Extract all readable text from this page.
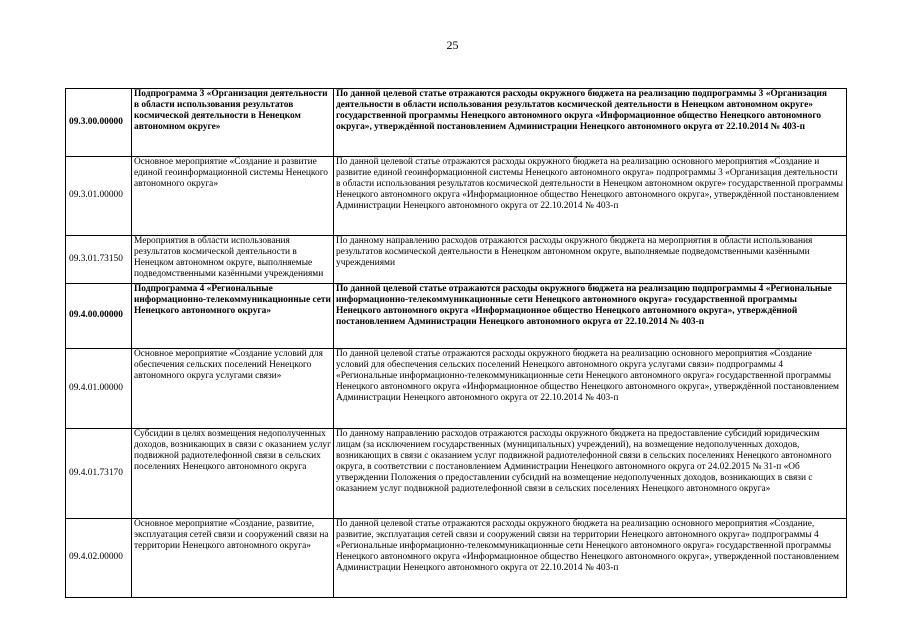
25
09.3.00.00000	Подпрограмма 3 «Организация деятельности в области использования результатов космической деятельности в Ненецком автономном округе»	По данной целевой статье отражаются расходы окружного бюджета на реализацию подпрограммы 3 «Организация деятельности в области использования результатов космической деятельности в Ненецком автономном округе» государственной программы Ненецкого автономного округа «Информационное общество Ненецкого автономного округа», утверждённой постановлением Администрации Ненецкого автономного округа от 22.10.2014 № 403-п
09.3.01.00000	Основное мероприятие «Создание и развитие единой геоинформационной системы Ненецкого автономного округа»	По данной целевой статье отражаются расходы окружного бюджета на реализацию основного мероприятия «Создание и развитие единой геоинформационной системы Ненецкого автономного округа» подпрограммы 3 «Организация деятельности в области использования результатов космической деятельности в Ненецком автономном округе» государственной программы Ненецкого автономного округа «Информационное общество Ненецкого автономного округа», утверждённой постановлением Администрации Ненецкого автономного округа от 22.10.2014 № 403-п
09.3.01.73150	Мероприятия в области использования результатов космической деятельности в Ненецком автономном округе, выполняемые подведомственными казёнными учреждениями	По данному направлению расходов отражаются расходы окружного бюджета на мероприятия в области использования результатов космической деятельности в Ненецком автономном округе, выполняемые подведомственными казёнными учреждениями
09.4.00.00000	Подпрограмма 4 «Региональные информационно-телекоммуникационные сети Ненецкого автономного округа»	По данной целевой статье отражаются расходы окружного бюджета на реализацию подпрограммы 4 «Региональные информационно-телекоммуникационные сети Ненецкого автономного округа» государственной программы Ненецкого автономного округа «Информационное общество Ненецкого автономного округа», утверждённой постановлением Администрации Ненецкого автономного округа от 22.10.2014 № 403-п
09.4.01.00000	Основное мероприятие «Создание условий для обеспечения сельских поселений Ненецкого автономного округа услугами связи»	По данной целевой статье отражаются расходы окружного бюджета на реализацию основного мероприятия «Создание условий для обеспечения сельских поселений Ненецкого автономного округа услугами связи» подпрограммы 4 «Региональные информационно-телекоммуникационные сети Ненецкого автономного округа» государственной программы Ненецкого автономного округа «Информационное общество Ненецкого автономного округа», утверждённой постановлением Администрации Ненецкого автономного округа от 22.10.2014 № 403-п
09.4.01.73170	Субсидии в целях возмещения недополученных доходов, возникающих в связи с оказанием услуг подвижной радиотелефонной связи в сельских поселениях Ненецкого автономного округа	По данному направлению расходов отражаются расходы окружного бюджета на предоставление субсидий юридическим лицам (за исключением государственных (муниципальных) учреждений), на возмещение недополученных доходов, возникающих в связи с оказанием услуг подвижной радиотелефонной связи в сельских поселениях Ненецкого автономного округа, в соответствии с постановлением Администрации Ненецкого автономного округа от 24.02.2015 № 31-п «Об утверждении Положения о предоставлении субсидий на возмещение недополученных доходов, возникающих в связи с оказанием услуг подвижной радиотелефонной связи в сельских поселениях Ненецкого автономного округа»
09.4.02.00000	Основное мероприятие «Создание, развитие, эксплуатация сетей связи и сооружений связи на территории Ненецкого автономного округа»	По данной целевой статье отражаются расходы окружного бюджета на реализацию основного мероприятия «Создание, развитие, эксплуатация сетей связи и сооружений связи на территории Ненецкого автономного округа» подпрограммы 4 «Региональные информационно-телекоммуникационные сети Ненецкого автономного округа» государственной программы Ненецкого автономного округа «Информационное общество Ненецкого автономного округа», утвержденной постановлением Администрации Ненецкого автономного округа от 22.10.2014 № 403-п
